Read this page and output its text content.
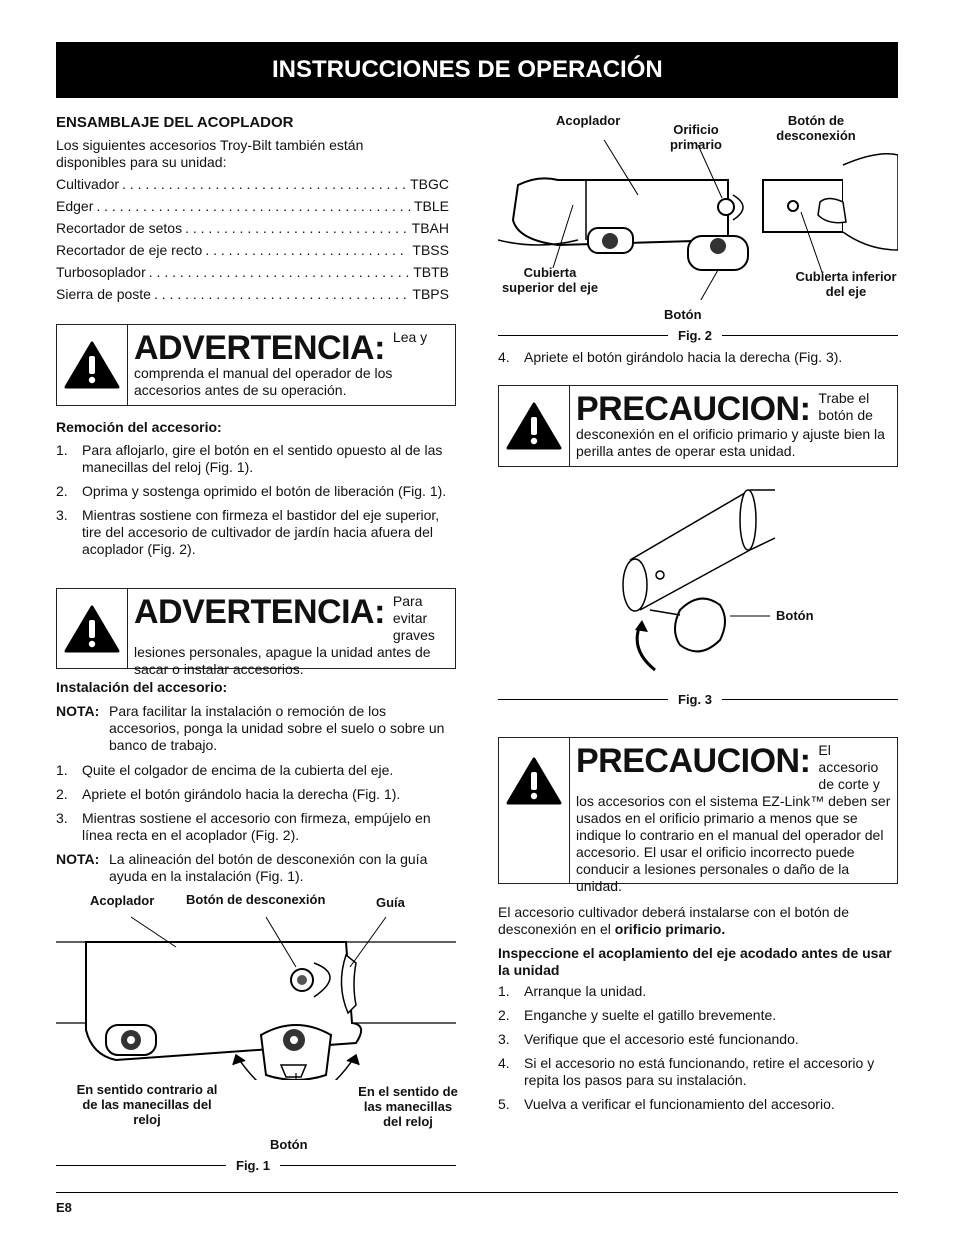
INSTRUCCIONES DE OPERACIÓN
ENSAMBLAJE DEL ACOPLADOR
Los siguientes accesorios Troy-Bilt también están disponibles para su unidad:
Cultivador . . .	TBGC
Edger . . .	TBLE
Recortador de setos . . .	TBAH
Recortador de eje recto . . .	TBSS
Turbosoplador . . .	TBTB
Sierra de poste . . .	TBPS
ADVERTENCIA: Lea y comprenda el manual del operador de los accesorios antes de su operación.
Remoción del accesorio:
1.	Para aflojarlo, gire el botón en el sentido opuesto al de las manecillas del reloj (Fig. 1).
2.	Oprima y sostenga oprimido el botón de liberación (Fig. 1).
3.	Mientras sostiene con firmeza el bastidor del eje superior, tire del accesorio de cultivador de jardín hacia afuera del acoplador (Fig. 2).
ADVERTENCIA: Para evitar graves lesiones personales, apague la unidad antes de sacar o instalar accesorios.
Instalación del accesorio:
NOTA: Para facilitar la instalación o remoción de los accesorios, ponga la unidad sobre el suelo o sobre un banco de trabajo.
1.	Quite el colgador de encima de la cubierta del eje.
2.	Apriete el botón girándolo hacia la derecha (Fig. 1).
3.	Mientras sostiene el accesorio con firmeza, empújelo en línea recta en el acoplador (Fig. 2).
NOTA: La alineación del botón de desconexión con la guía ayuda en la instalación (Fig. 1).
Acoplador Botón de desconexión	Guía
En sentido contrario al de las manecillas del reloj
En el sentido de las manecillas del reloj
Botón
Fig. 1
Acoplador
Orificio primario
Botón de desconexión
Cubierta superior del eje
Cubierta inferior del eje
Botón
Fig. 2
4.	Apriete el botón girándolo hacia la derecha (Fig. 3).
PRECAUCION: Trabe el botón de desconexión en el orificio primario y ajuste bien la perilla antes de operar esta unidad.
Botón
Fig. 3
PRECAUCION: El accesorio de corte y los accesorios con el sistema EZ-Link™ deben ser usados en el orificio primario a menos que se indique lo contrario en el manual del operador del accesorio. El usar el orificio incorrecto puede conducir a lesiones personales o daño de la unidad.
El accesorio cultivador deberá instalarse con el botón de desconexión en el orificio primario.
Inspeccione el acoplamiento del eje acodado antes de usar la unidad
1.	Arranque la unidad.
2.	Enganche y suelte el gatillo brevemente.
3.	Verifique que el accesorio esté funcionando.
4.	Si el accesorio no está funcionando, retire el accesorio y repita los pasos para su instalación.
5.	Vuelva a verificar el funcionamiento del accesorio.
E8
